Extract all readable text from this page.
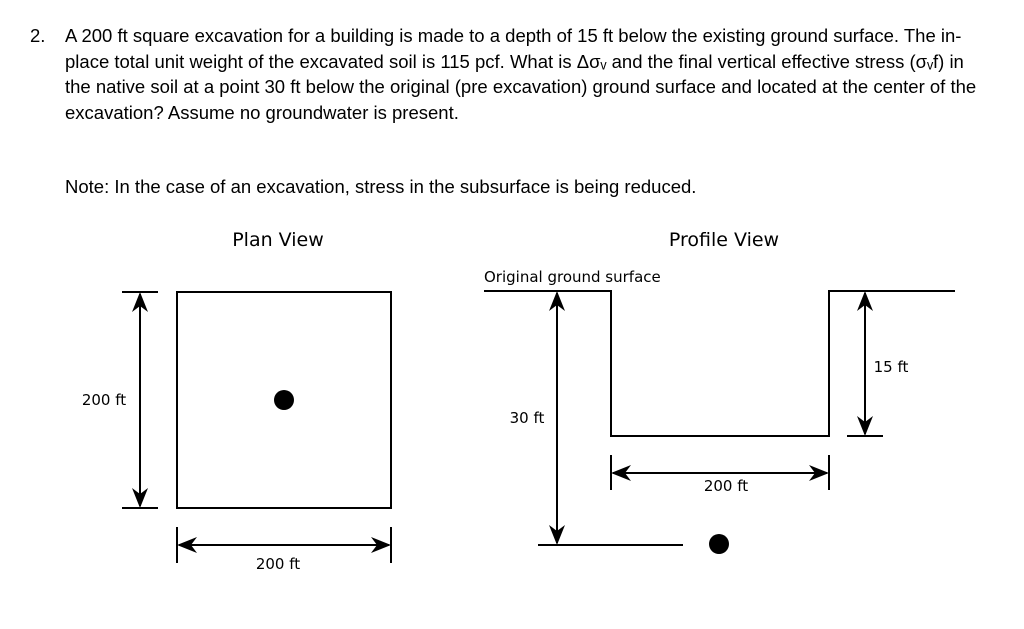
2. A 200 ft square excavation for a building is made to a depth of 15 ft below the existing ground surface. The in-place total unit weight of the excavated soil is 115 pcf. What is Δσᵥ and the final vertical effective stress (σᵥf) in the native soil at a point 30 ft below the original (pre excavation) ground surface and located at the center of the excavation? Assume no groundwater is present.
Note: In the case of an excavation, stress in the subsurface is being reduced.
Plan View
200 ft
200 ft
Profile View
Original ground surface
15 ft
30 ft
200 ft
